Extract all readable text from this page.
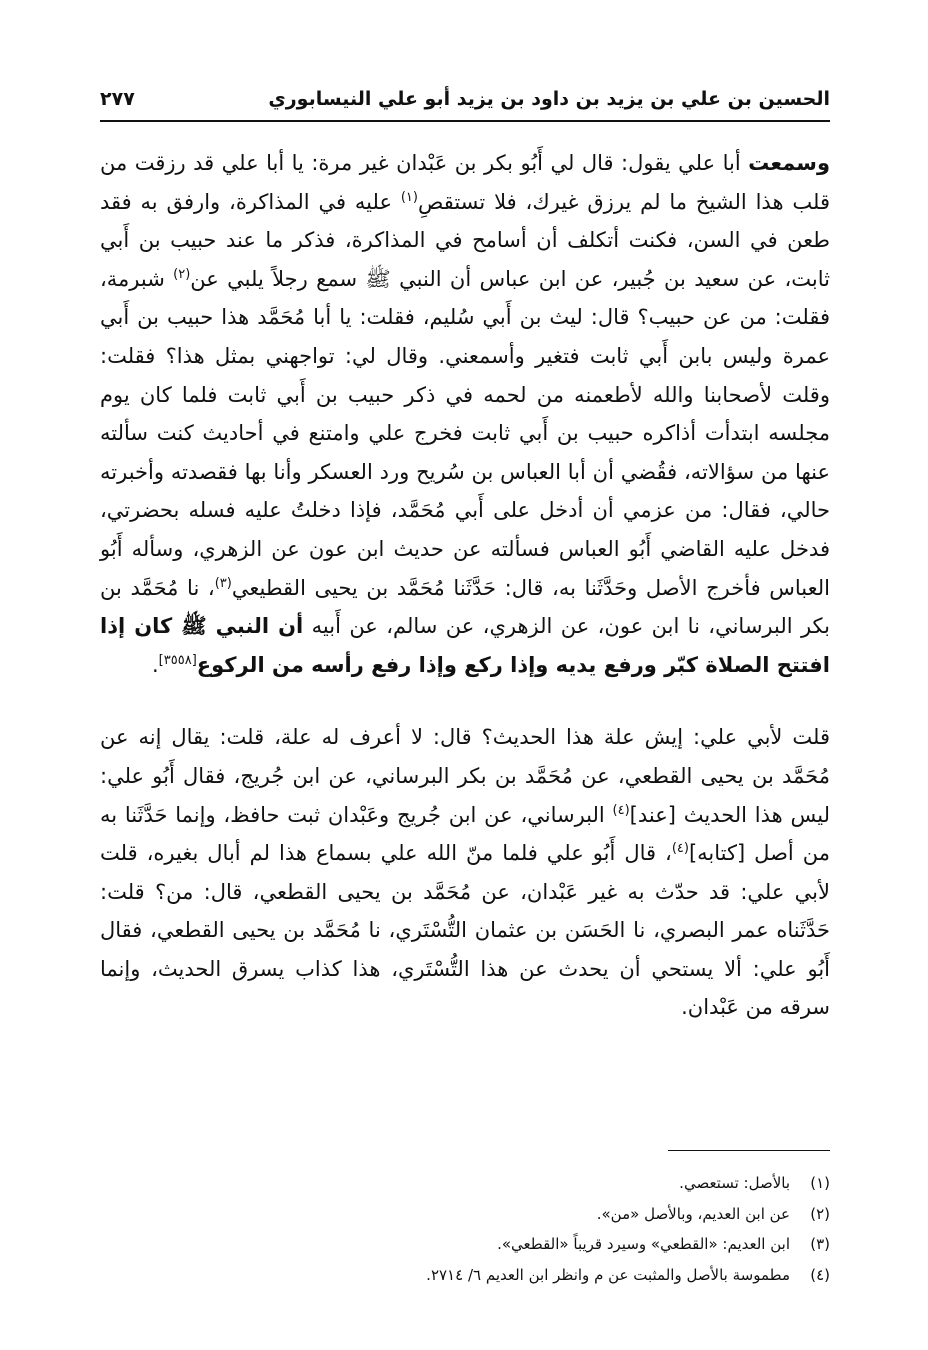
الحسين بن علي بن يزيد بن داود بن يزيد أبو علي النيسابوري
٢٧٧

وسمعت أبا علي يقول: قال لي أَبُو بكر بن عَبْدان غير مرة: يا أبا علي قد رزقت من قلب هذا الشيخ ما لم يرزق غيرك، فلا تستقصِ$^{(١)}$ عليه في المذاكرة، وارفق به فقد طعن في السن، فكنت أتكلف أن أسامح في المذاكرة، فذكر ما عند حبيب بن أَبي ثابت، عن سعيد بن جُبير، عن ابن عباس أن النبي ﷺ سمع رجلاً يلبي عن$^{(٢)}$ شبرمة، فقلت: من عن حبيب؟ قال: ليث بن أَبي سُليم، فقلت: يا أبا مُحَمَّد هذا حبيب بن أَبي عمرة وليس بابن أَبي ثابت فتغير وأسمعني. وقال لي: تواجهني بمثل هذا؟ فقلت: وقلت لأصحابنا والله لأطعمنه من لحمه في ذكر حبيب بن أَبي ثابت فلما كان يوم مجلسه ابتدأت أذاكره حبيب بن أَبي ثابت فخرج علي وامتنع في أحاديث كنت سألته عنها من سؤالاته، فقُضي أن أبا العباس بن سُريح ورد العسكر وأنا بها فقصدته وأخبرته حالي، فقال: من عزمي أن أدخل على أَبي مُحَمَّد، فإذا دخلتُ عليه فسله بحضرتي، فدخل عليه القاضي أَبُو العباس فسألته عن حديث ابن عون عن الزهري، وسأله أَبُو العباس فأخرج الأصل وحَدَّثَنا به، قال: حَدَّثَنا مُحَمَّد بن يحيى القطيعي$^{(٣)}$، نا مُحَمَّد بن بكر البرساني، نا ابن عون، عن الزهري، عن سالم، عن أَبيه أن النبي ﷺ كان إذا افتتح الصلاة كبّر ورفع يديه وإذا ركع وإذا رفع رأسه من الركوع[٣٥٥٨].

قلت لأبي علي: إيش علة هذا الحديث؟ قال: لا أعرف له علة، قلت: يقال إنه عن مُحَمَّد بن يحيى القطعي، عن مُحَمَّد بن بكر البرساني، عن ابن جُريج، فقال أَبُو علي: ليس هذا الحديث [عند]$^{(٤)}$ البرساني، عن ابن جُريج وعَبْدان ثبت حافظ، وإنما حَدَّثَنا به من أصل [كتابه]$^{(٤)}$، قال أَبُو علي فلما منّ الله علي بسماع هذا لم أبال بغيره، قلت لأبي علي: قد حدّث به غير عَبْدان، عن مُحَمَّد بن يحيى القطعي، قال: من؟ قلت: حَدَّثَناه عمر البصري، نا الحَسَن بن عثمان التُّسْتَري، نا مُحَمَّد بن يحيى القطعي، فقال أَبُو علي: ألا يستحي أن يحدث عن هذا التُّسْتَري، هذا كذاب يسرق الحديث، وإنما سرقه من عَبْدان.

(١)
بالأصل: تستعصي.
(٢)
عن ابن العديم، وبالأصل «من».
(٣)
ابن العديم: «القطعي» وسيرد قريباً «القطعي».
(٤)
مطموسة بالأصل والمثبت عن م وانظر ابن العديم ٦/ ٢٧١٤.
